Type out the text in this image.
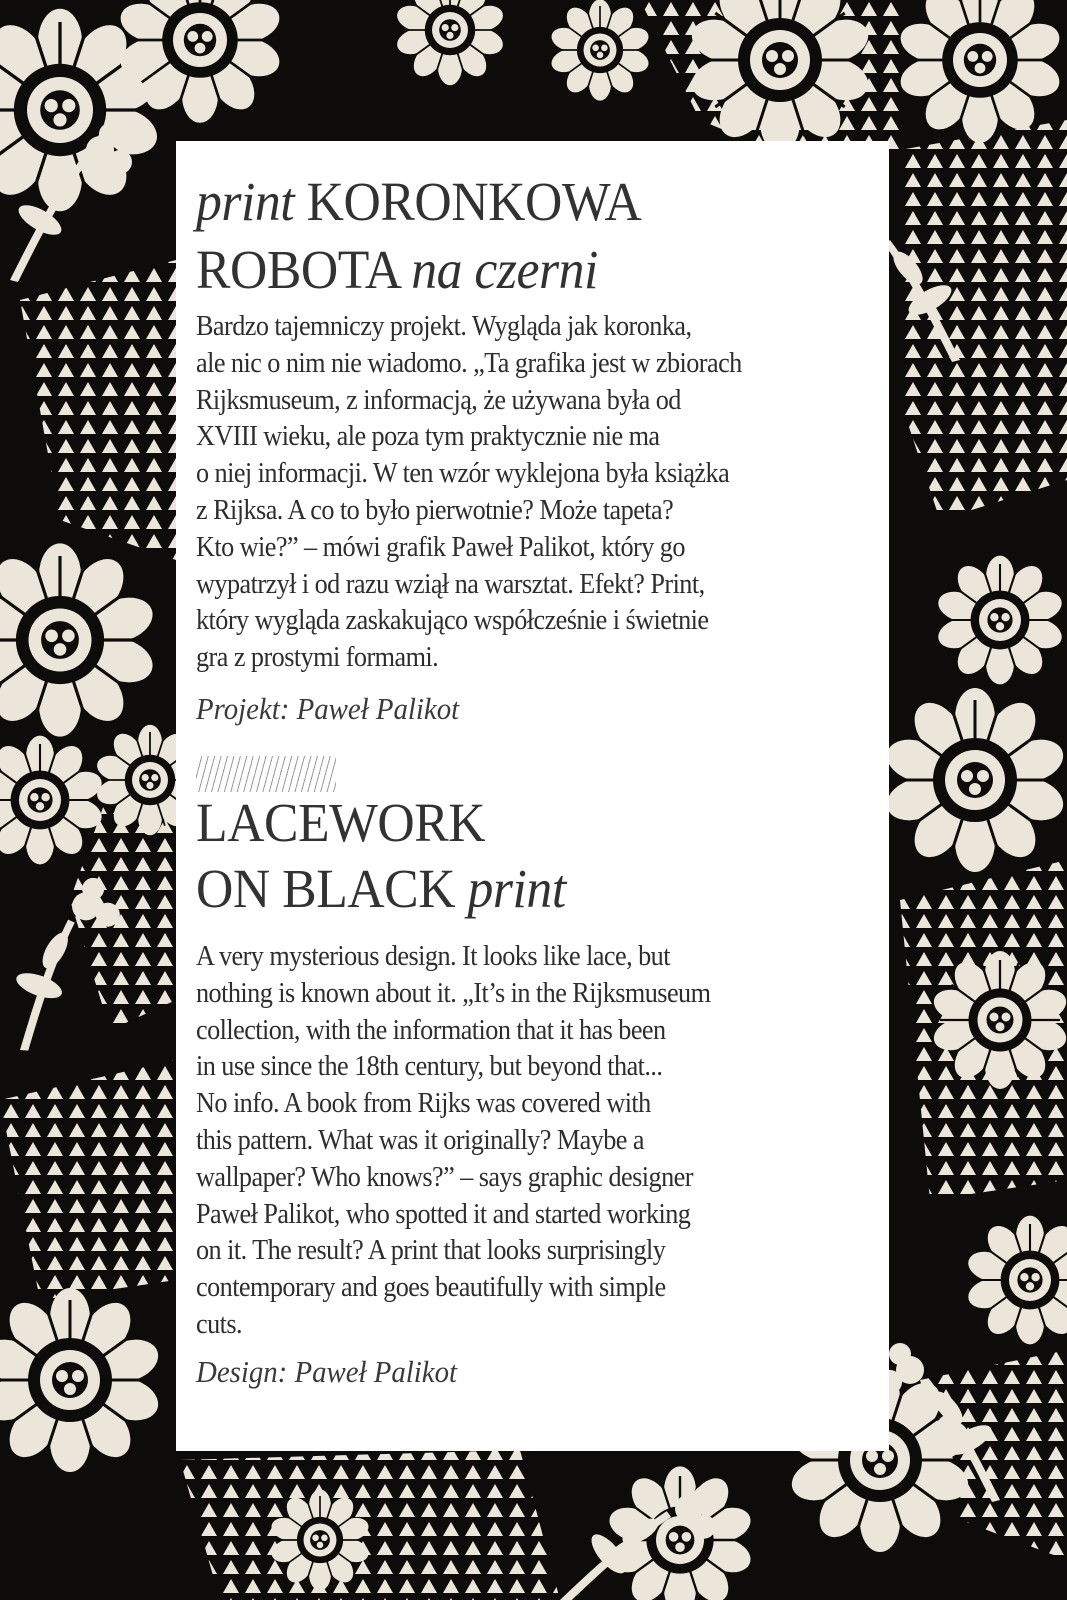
print KORONKOWA
ROBOTA na czerni
Bardzo tajemniczy projekt. Wygląda jak koronka,
ale nic o nim nie wiadomo. „Ta grafika jest w zbiorach
Rijksmuseum, z informacją, że używana była od
XVIII wieku, ale poza tym praktycznie nie ma
o niej informacji. W ten wzór wyklejona była książka
z Rijksa. A co to było pierwotnie? Może tapeta?
Kto wie?” – mówi grafik Paweł Palikot, który go
wypatrzył i od razu wziął na warsztat. Efekt? Print,
który wygląda zaskakująco współcześnie i świetnie
gra z prostymi formami.
Projekt: Paweł Palikot
LACEWORK
ON BLACK print
A very mysterious design. It looks like lace, but
nothing is known about it. „It’s in the Rijksmuseum
collection, with the information that it has been
in use since the 18th century, but beyond that...
No info. A book from Rijks was covered with
this pattern. What was it originally? Maybe a
wallpaper? Who knows?” – says graphic designer
Paweł Palikot, who spotted it and started working
on it. The result? A print that looks surprisingly
contemporary and goes beautifully with simple
cuts.
Design: Paweł Palikot
